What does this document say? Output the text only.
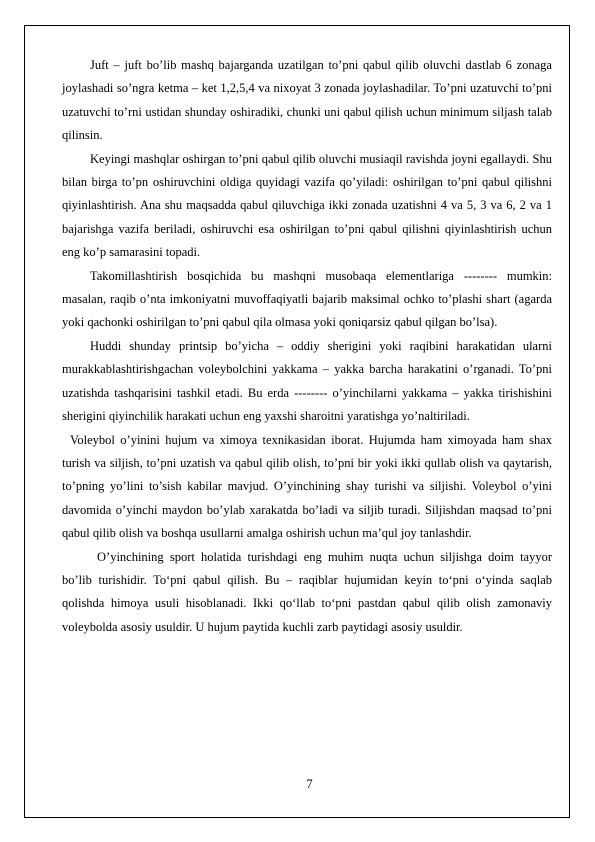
Juft – juft bo’lib mashq bajarganda uzatilgan to’pni qabul qilib oluvchi dastlab 6 zonaga joylashadi so’ngra ketma – ket 1,2,5,4 va nixoyat 3 zonada joylashadilar. To’pni uzatuvchi to’pni uzatuvchi to’rni ustidan shunday oshiradiki, chunki uni qabul qilish uchun minimum siljash talab qilinsin.

Keyingi mashqlar oshirgan to’pni qabul qilib oluvchi musiaqil ravishda joyni egallaydi. Shu bilan birga to’pn oshiruvchini oldiga quyidagi vazifa qo’yiladi: oshirilgan to’pni qabul qilishni qiyinlashtirish. Ana shu maqsadda qabul qiluvchiga ikki zonada uzatishni 4 va 5, 3 va 6, 2 va 1 bajarishga vazifa beriladi, oshiruvchi esa oshirilgan to’pni qabul qilishni qiyinlashtirish uchun eng ko’p samarasini topadi.

Takomillashtirish bosqichida bu mashqni musobaqa elementlariga -------- mumkin: masalan, raqib o’nta imkoniyatni muvoffaqiyatli bajarib maksimal ochko to’plashi shart (agarda yoki qachonki oshirilgan to’pni qabul qila olmasa yoki qoniqarsiz qabul qilgan bo’lsa).

Huddi shunday printsip bo’yicha – oddiy sherigini yoki raqibini harakatidan ularni murakkablashtirishgachan voleybolchini yakkama – yakka barcha harakatini o’rganadi. To’pni uzatishda tashqarisini tashkil etadi. Bu erda -------- o’yinchilarni yakkama – yakka tirishishini sherigini qiyinchilik harakati uchun eng yaxshi sharoitni yaratishga yo’naltiriladi.

Voleybol o’yinini hujum va ximoya texnikasidan iborat. Hujumda ham ximoyada ham shax turish va siljish, to’pni uzatish va qabul qilib olish, to’pni bir yoki ikki qullab olish va qaytarish, to’pning yo’lini to’sish kabilar mavjud. O’yinchining shay turishi va siljishi. Voleybol o’yini davomida o’yinchi maydon bo’ylab xarakatda bo’ladi va siljib turadi. Siljishdan maqsad to’pni qabul qilib olish va boshqa usullarni amalga oshirish uchun ma’qul joy tanlashdir.

O’yinchining sport holatida turishdagi eng muhim nuqta uchun siljishga doim tayyor bo’lib turishidir. To‘pni qabul qilish. Bu – raqiblar hujumidan keyin to‘pni o‘yinda saqlab qolishda himoya usuli hisoblanadi. Ikki qo‘llab to‘pni pastdan qabul qilib olish zamonaviy voleybolda asosiy usuldir. U hujum paytida kuchli zarb paytidagi asosiy usuldir.

7
